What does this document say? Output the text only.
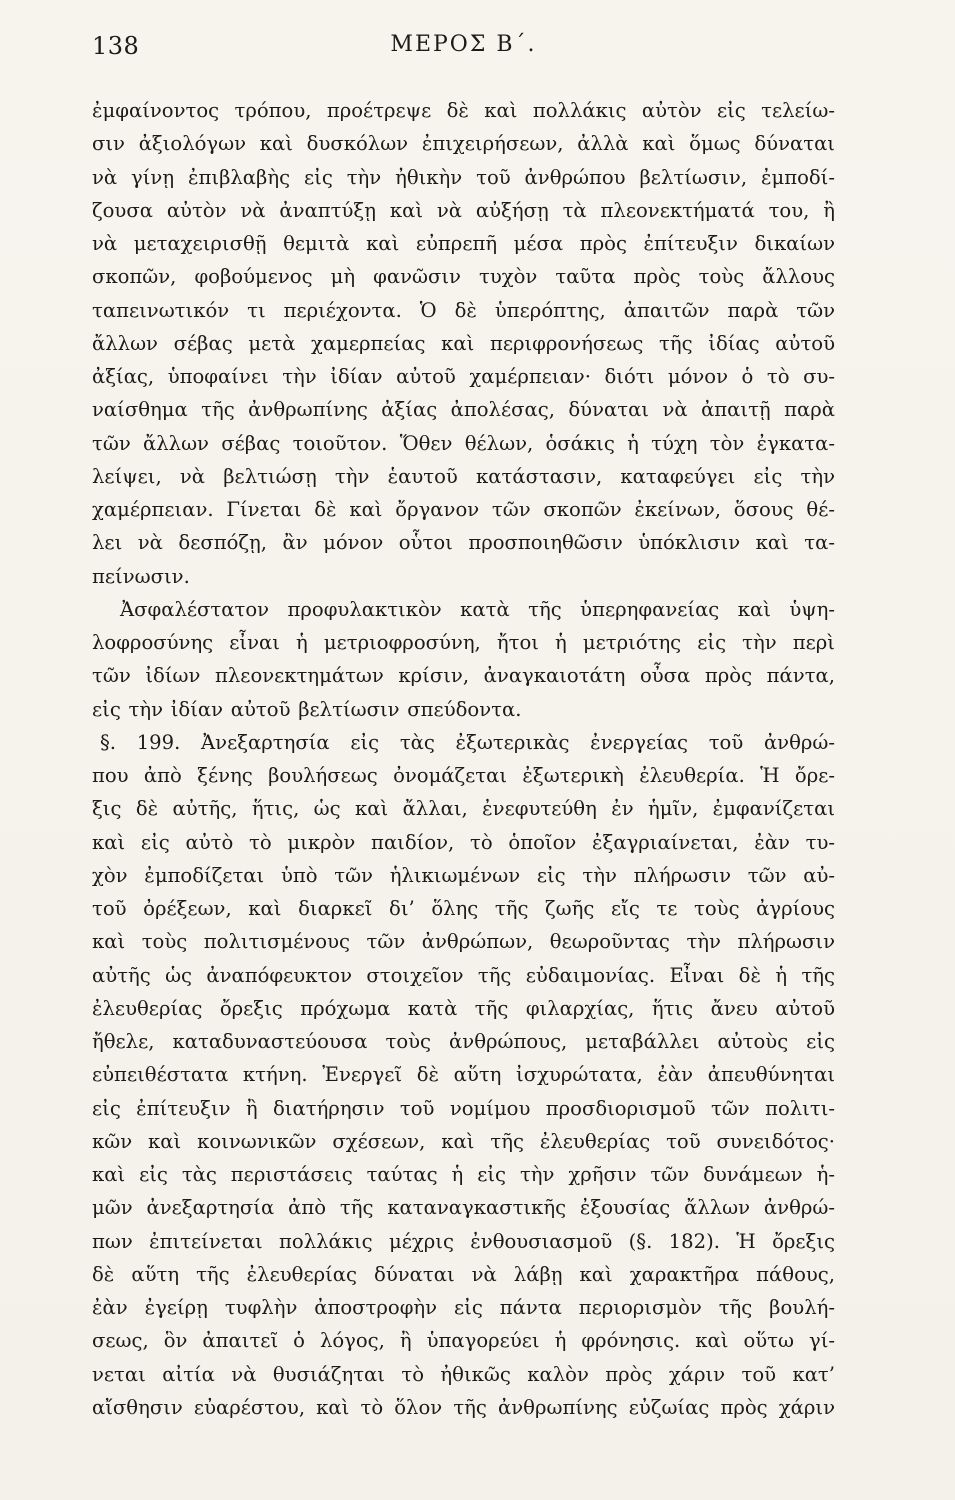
138	ΜΕΡΟΣ Β΄.
ἐμφαίνοντος τρόπου, προέτρεψε δὲ καὶ πολλάκις αὐτὸν εἰς τελείω-
σιν ἀξιολόγων καὶ δυσκόλων ἐπιχειρήσεων, ἀλλὰ καὶ ὅμως δύναται
νὰ γίνῃ ἐπιβλαβὴς εἰς τὴν ἠθικὴν τοῦ ἀνθρώπου βελτίωσιν, ἐμποδί-
ζουσα αὐτὸν νὰ ἀναπτύξῃ καὶ νὰ αὐξήσῃ τὰ πλεονεκτήματά του, ἢ
νὰ μεταχειρισθῇ θεμιτὰ καὶ εὐπρεπῆ μέσα πρὸς ἐπίτευξιν δικαίων
σκοπῶν, φοβούμενος μὴ φανῶσιν τυχὸν ταῦτα πρὸς τοὺς ἄλλους
ταπεινωτικόν τι περιέχοντα. Ὁ δὲ ὑπερόπτης, ἀπαιτῶν παρὰ τῶν
ἄλλων σέβας μετὰ χαμερπείας καὶ περιφρονήσεως τῆς ἰδίας αὐτοῦ
ἀξίας, ὑποφαίνει τὴν ἰδίαν αὐτοῦ χαμέρπειαν· διότι μόνον ὁ τὸ συ-
ναίσθημα τῆς ἀνθρωπίνης ἀξίας ἀπολέσας, δύναται νὰ ἀπαιτῇ παρὰ
τῶν ἄλλων σέβας τοιοῦτον. Ὅθεν θέλων, ὁσάκις ἡ τύχη τὸν ἐγκατα-
λείψει, νὰ βελτιώσῃ τὴν ἑαυτοῦ κατάστασιν, καταφεύγει εἰς τὴν
χαμέρπειαν. Γίνεται δὲ καὶ ὄργανον τῶν σκοπῶν ἐκείνων, ὅσους θέ-
λει νὰ δεσπόζῃ, ἂν μόνον οὗτοι προσποιηθῶσιν ὑπόκλισιν καὶ τα-
πείνωσιν.
Ἀσφαλέστατον προφυλακτικὸν κατὰ τῆς ὑπερηφανείας καὶ ὑψη-
λοφροσύνης εἶναι ἡ μετριοφροσύνη, ἤτοι ἡ μετριότης εἰς τὴν περὶ
τῶν ἰδίων πλεονεκτημάτων κρίσιν, ἀναγκαιοτάτη οὖσα πρὸς πάντα,
εἰς τὴν ἰδίαν αὐτοῦ βελτίωσιν σπεύδοντα.
§. 199. Ἀνεξαρτησία εἰς τὰς ἐξωτερικὰς ἐνεργείας τοῦ ἀνθρώ-
που ἀπὸ ξένης βουλήσεως ὀνομάζεται ἐξωτερικὴ ἐλευθερία. Ἡ ὄρε-
ξις δὲ αὐτῆς, ἥτις, ὡς καὶ ἄλλαι, ἐνεφυτεύθη ἐν ἡμῖν, ἐμφανίζεται
καὶ εἰς αὐτὸ τὸ μικρὸν παιδίον, τὸ ὁποῖον ἐξαγριαίνεται, ἐὰν τυ-
χὸν ἐμποδίζεται ὑπὸ τῶν ἡλικιωμένων εἰς τὴν πλήρωσιν τῶν αὐ-
τοῦ ὀρέξεων, καὶ διαρκεῖ δι’ ὅλης τῆς ζωῆς εἴς τε τοὺς ἀγρίους
καὶ τοὺς πολιτισμένους τῶν ἀνθρώπων, θεωροῦντας τὴν πλήρωσιν
αὐτῆς ὡς ἀναπόφευκτον στοιχεῖον τῆς εὐδαιμονίας. Εἶναι δὲ ἡ τῆς
ἐλευθερίας ὄρεξις πρόχωμα κατὰ τῆς φιλαρχίας, ἥτις ἄνευ αὐτοῦ
ἤθελε, καταδυναστεύουσα τοὺς ἀνθρώπους, μεταβάλλει αὐτοὺς εἰς
εὐπειθέστατα κτήνη. Ἐνεργεῖ δὲ αὕτη ἰσχυρώτατα, ἐὰν ἀπευθύνηται
εἰς ἐπίτευξιν ἢ διατήρησιν τοῦ νομίμου προσδιορισμοῦ τῶν πολιτι-
κῶν καὶ κοινωνικῶν σχέσεων, καὶ τῆς ἐλευθερίας τοῦ συνειδότος·
καὶ εἰς τὰς περιστάσεις ταύτας ἡ εἰς τὴν χρῆσιν τῶν δυνάμεων ἡ-
μῶν ἀνεξαρτησία ἀπὸ τῆς καταναγκαστικῆς ἐξουσίας ἄλλων ἀνθρώ-
πων ἐπιτείνεται πολλάκις μέχρις ἐνθουσιασμοῦ (§. 182). Ἡ ὄρεξις
δὲ αὕτη τῆς ἐλευθερίας δύναται νὰ λάβῃ καὶ χαρακτῆρα πάθους,
ἐὰν ἐγείρῃ τυφλὴν ἀποστροφὴν εἰς πάντα περιορισμὸν τῆς βουλή-
σεως, ὃν ἀπαιτεῖ ὁ λόγος, ἢ ὑπαγορεύει ἡ φρόνησις. καὶ οὕτω γί-
νεται αἰτία νὰ θυσιάζηται τὸ ἠθικῶς καλὸν πρὸς χάριν τοῦ κατ’
αἴσθησιν εὐαρέστου, καὶ τὸ ὅλον τῆς ἀνθρωπίνης εὐζωίας πρὸς χάριν
